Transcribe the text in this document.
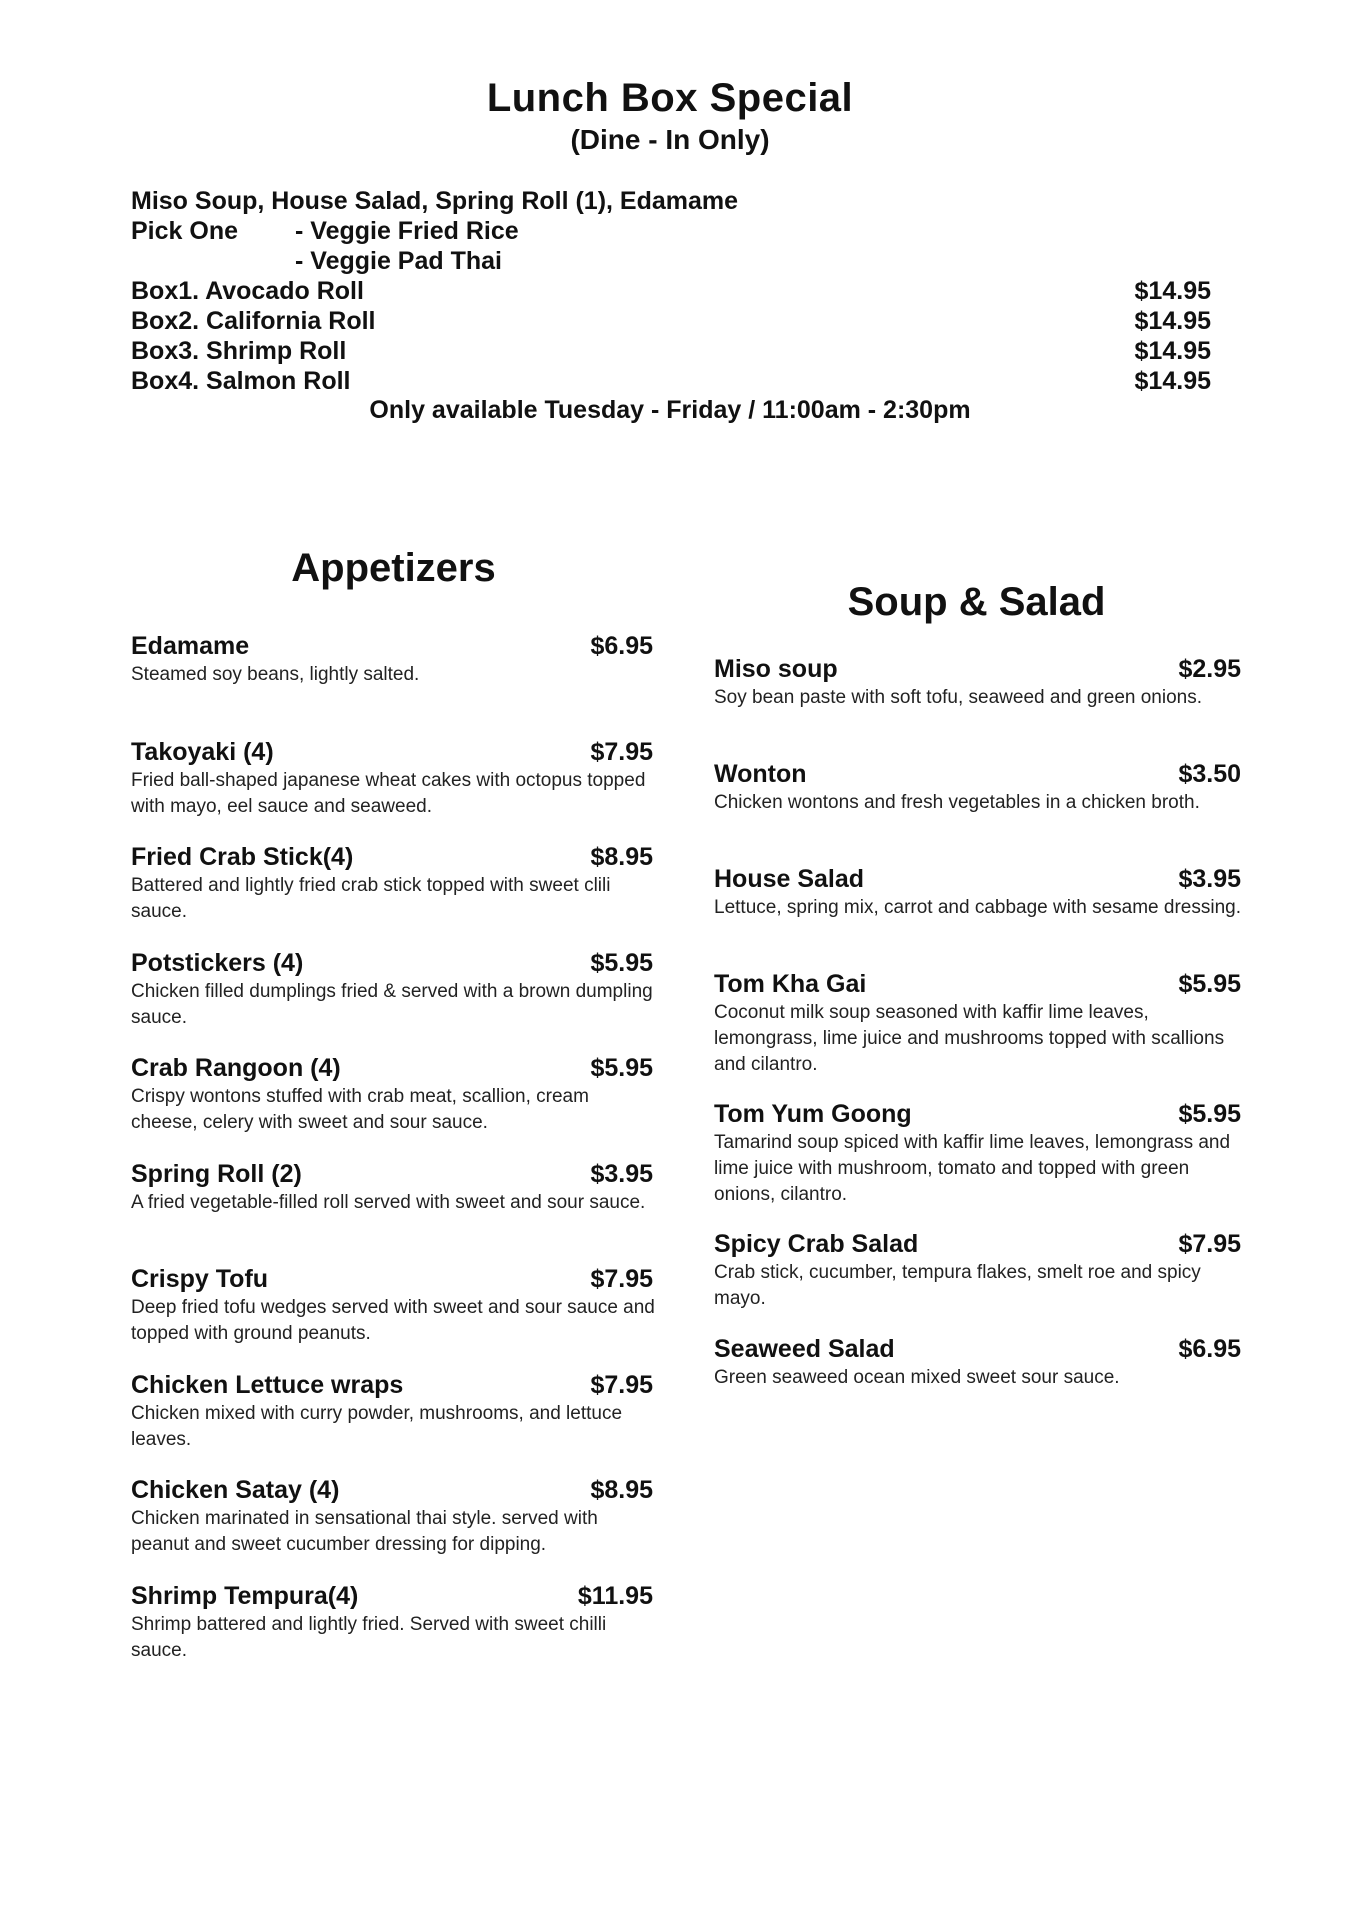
Lunch Box Special
(Dine - In Only)
Miso Soup, House Salad, Spring Roll (1), Edamame
Pick One - Veggie Fried Rice
- Veggie Pad Thai
Box1. Avocado Roll	$14.95
Box2. California Roll	$14.95
Box3. Shrimp Roll	$14.95
Box4. Salmon Roll	$14.95
Only available Tuesday - Friday / 11:00am - 2:30pm
Appetizers
Soup & Salad
Edamame	$6.95
Steamed soy beans, lightly salted.
Takoyaki (4)	$7.95
Fried ball-shaped japanese wheat cakes with octopus topped with mayo, eel sauce and seaweed.
Fried Crab Stick(4)	$8.95
Battered and lightly fried crab stick topped with sweet clili sauce.
Potstickers (4)	$5.95
Chicken filled dumplings fried & served with a brown dumpling sauce.
Crab Rangoon (4)	$5.95
Crispy wontons stuffed with crab meat, scallion, cream cheese, celery with sweet and sour sauce.
Spring Roll (2)	$3.95
A fried vegetable-filled roll served with sweet and sour sauce.
Crispy Tofu	$7.95
Deep fried tofu wedges served with sweet and sour sauce and topped with ground peanuts.
Chicken Lettuce wraps	$7.95
Chicken mixed with curry powder, mushrooms, and lettuce leaves.
Chicken Satay (4)	$8.95
Chicken marinated in sensational thai style. served with peanut and sweet cucumber dressing for dipping.
Shrimp Tempura(4)	$11.95
Shrimp battered and lightly fried. Served with sweet chilli sauce.
Miso soup	$2.95
Soy bean paste with soft tofu, seaweed and green onions.
Wonton	$3.50
Chicken wontons and fresh vegetables in a chicken broth.
House Salad	$3.95
Lettuce, spring mix, carrot and cabbage with sesame dressing.
Tom Kha Gai	$5.95
Coconut milk soup seasoned with kaffir lime leaves, lemongrass, lime juice and mushrooms topped with scallions and cilantro.
Tom Yum Goong	$5.95
Tamarind soup spiced with kaffir lime leaves, lemongrass and lime juice with mushroom, tomato and topped with green onions, cilantro.
Spicy Crab Salad	$7.95
Crab stick, cucumber, tempura flakes, smelt roe and spicy mayo.
Seaweed Salad	$6.95
Green seaweed ocean mixed sweet sour sauce.
